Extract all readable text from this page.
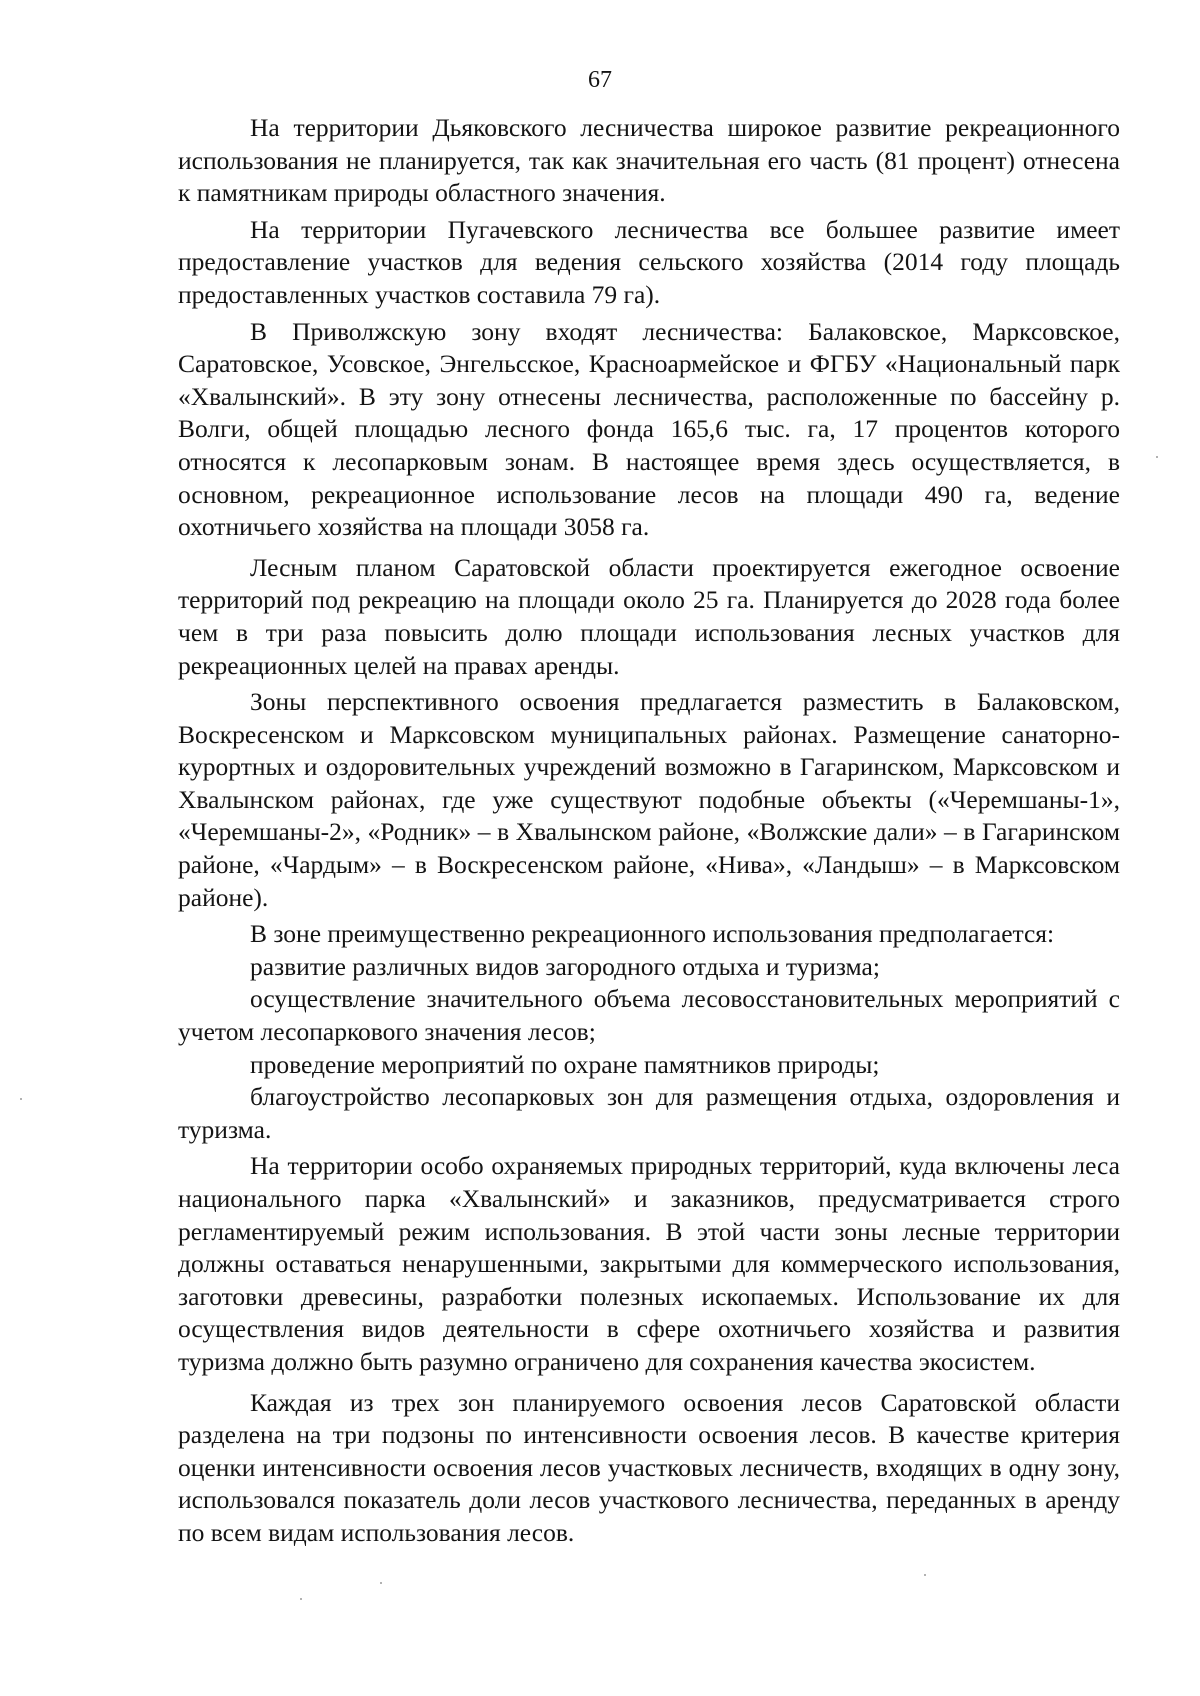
67

На территории Дьяковского лесничества широкое развитие рекреационного использования не планируется, так как значительная его часть (81 процент) отнесена к памятникам природы областного значения.

На территории Пугачевского лесничества все большее развитие имеет предоставление участков для ведения сельского хозяйства (2014 году площадь предоставленных участков составила 79 га).

В Приволжскую зону входят лесничества: Балаковское, Марксовское, Саратовское, Усовское, Энгельсское, Красноармейское и ФГБУ «Национальный парк «Хвалынский». В эту зону отнесены лесничества, расположенные по бассейну р. Волги, общей площадью лесного фонда 165,6 тыс. га, 17 процентов которого относятся к лесопарковым зонам. В настоящее время здесь осуществляется, в основном, рекреационное использование лесов на площади 490 га, ведение охотничьего хозяйства на площади 3058 га.

Лесным планом Саратовской области проектируется ежегодное освоение территорий под рекреацию на площади около 25 га. Планируется до 2028 года более чем в три раза повысить долю площади использования лесных участков для рекреационных целей на правах аренды.

Зоны перспективного освоения предлагается разместить в Балаковском, Воскресенском и Марксовском муниципальных районах. Размещение санаторно-курортных и оздоровительных учреждений возможно в Гагаринском, Марксовском и Хвалынском районах, где уже существуют подобные объекты («Черемшаны-1», «Черемшаны-2», «Родник» – в Хвалынском районе, «Волжские дали» – в Гагаринском районе, «Чардым» – в Воскресенском районе, «Нива», «Ландыш» – в Марксовском районе).

В зоне преимущественно рекреационного использования предполагается:

развитие различных видов загородного отдыха и туризма;

осуществление значительного объема лесовосстановительных мероприятий с учетом лесопаркового значения лесов;

проведение мероприятий по охране памятников природы;

благоустройство лесопарковых зон для размещения отдыха, оздоровления и туризма.

На территории особо охраняемых природных территорий, куда включены леса национального парка «Хвалынский» и заказников, предусматривается строго регламентируемый режим использования. В этой части зоны лесные территории должны оставаться ненарушенными, закрытыми для коммерческого использования, заготовки древесины, разработки полезных ископаемых. Использование их для осуществления видов деятельности в сфере охотничьего хозяйства и развития туризма должно быть разумно ограничено для сохранения качества экосистем.

Каждая из трех зон планируемого освоения лесов Саратовской области разделена на три подзоны по интенсивности освоения лесов. В качестве критерия оценки интенсивности освоения лесов участковых лесничеств, входящих в одну зону, использовался показатель доли лесов участкового лесничества, переданных в аренду по всем видам использования лесов.
